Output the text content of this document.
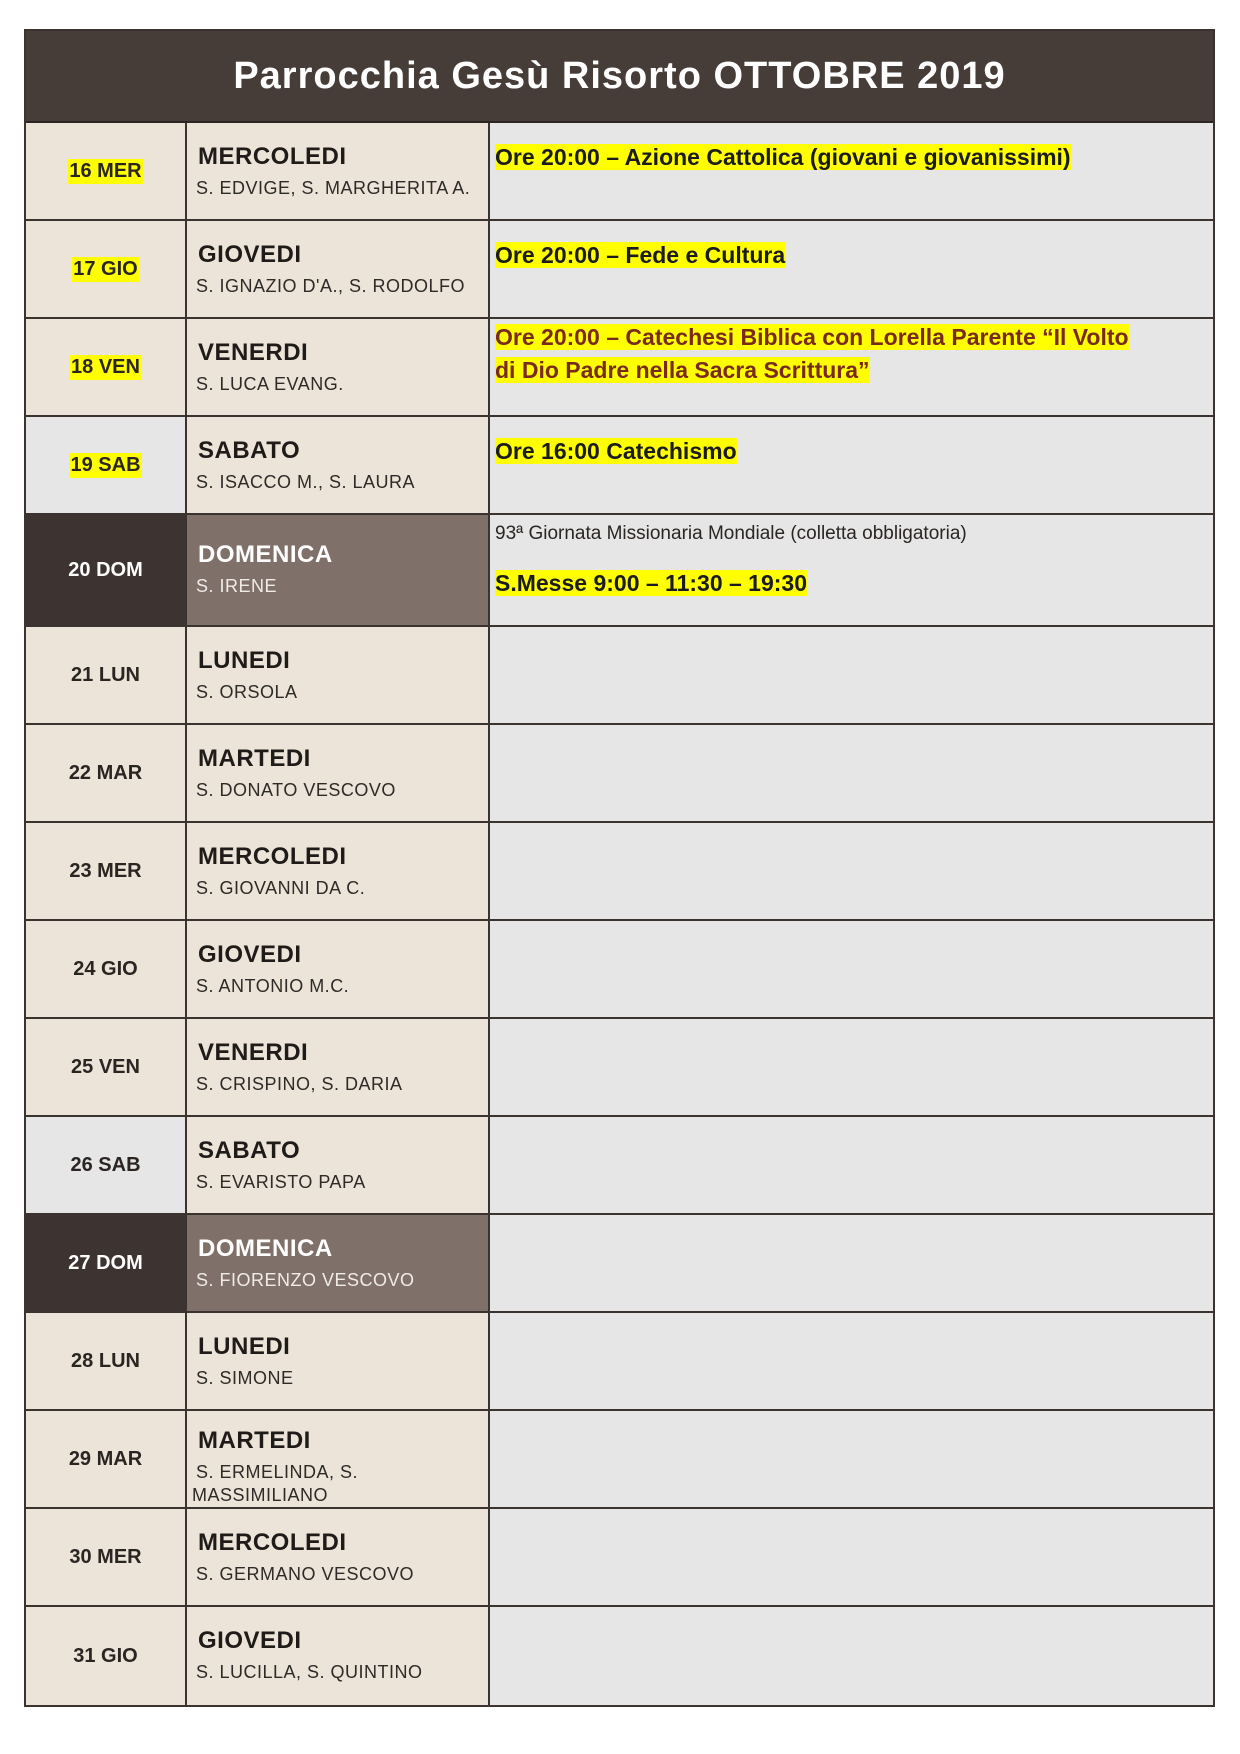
Parrocchia Gesù Risorto OTTOBRE 2019
16 MER
MERCOLEDI
S. EDVIGE, S. MARGHERITA A.
Ore 20:00 – Azione Cattolica (giovani e giovanissimi)
17 GIO
GIOVEDI
S. IGNAZIO D'A., S. RODOLFO
Ore 20:00 – Fede e Cultura
18 VEN
VENERDI
S. LUCA EVANG.
Ore 20:00 – Catechesi Biblica con Lorella Parente “Il Volto
di Dio Padre nella Sacra Scrittura”
19 SAB
SABATO
S. ISACCO M., S. LAURA
Ore 16:00 Catechismo
20 DOM
DOMENICA
S. IRENE
93ª Giornata Missionaria Mondiale (colletta obbligatoria)
S.Messe 9:00 – 11:30 – 19:30
21 LUN
LUNEDI
S. ORSOLA
22 MAR
MARTEDI
S. DONATO VESCOVO
23 MER
MERCOLEDI
S. GIOVANNI DA C.
24 GIO
GIOVEDI
S. ANTONIO M.C.
25 VEN
VENERDI
S. CRISPINO, S. DARIA
26 SAB
SABATO
S. EVARISTO PAPA
27 DOM
DOMENICA
S. FIORENZO VESCOVO
28 LUN
LUNEDI
S. SIMONE
29 MAR
MARTEDI
S. ERMELINDA, S.
MASSIMILIANO
30 MER
MERCOLEDI
S. GERMANO VESCOVO
31 GIO
GIOVEDI
S. LUCILLA, S. QUINTINO
